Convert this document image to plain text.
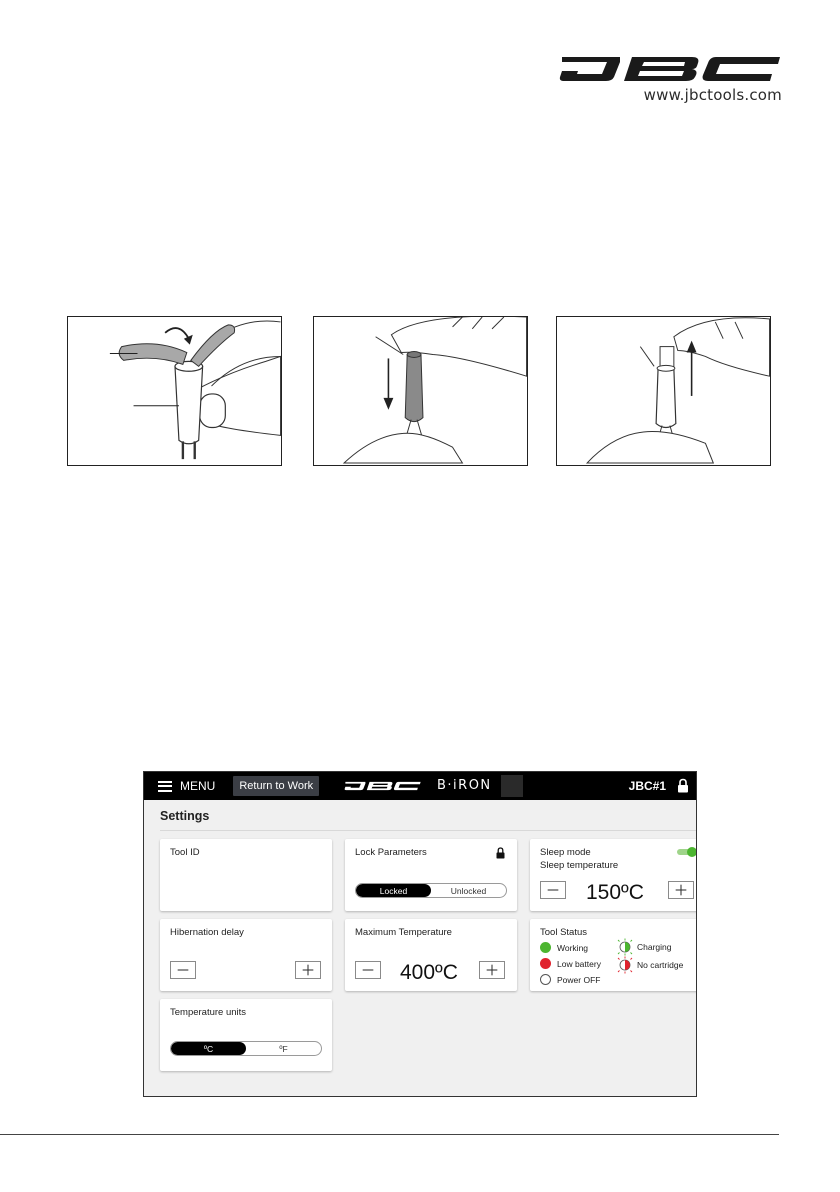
www.jbctools.com
MENU	Return to Work	B·iRON	JBC#1
Settings
Tool ID	Lock Parameters
Locked	Unlocked
Sleep mode
Sleep temperature
150ºC
Hibernation delay	Maximum Temperature
400ºC
Tool Status
Working
Low battery
Power OFF
Charging
No cartridge
Temperature units
ºC	ºF
